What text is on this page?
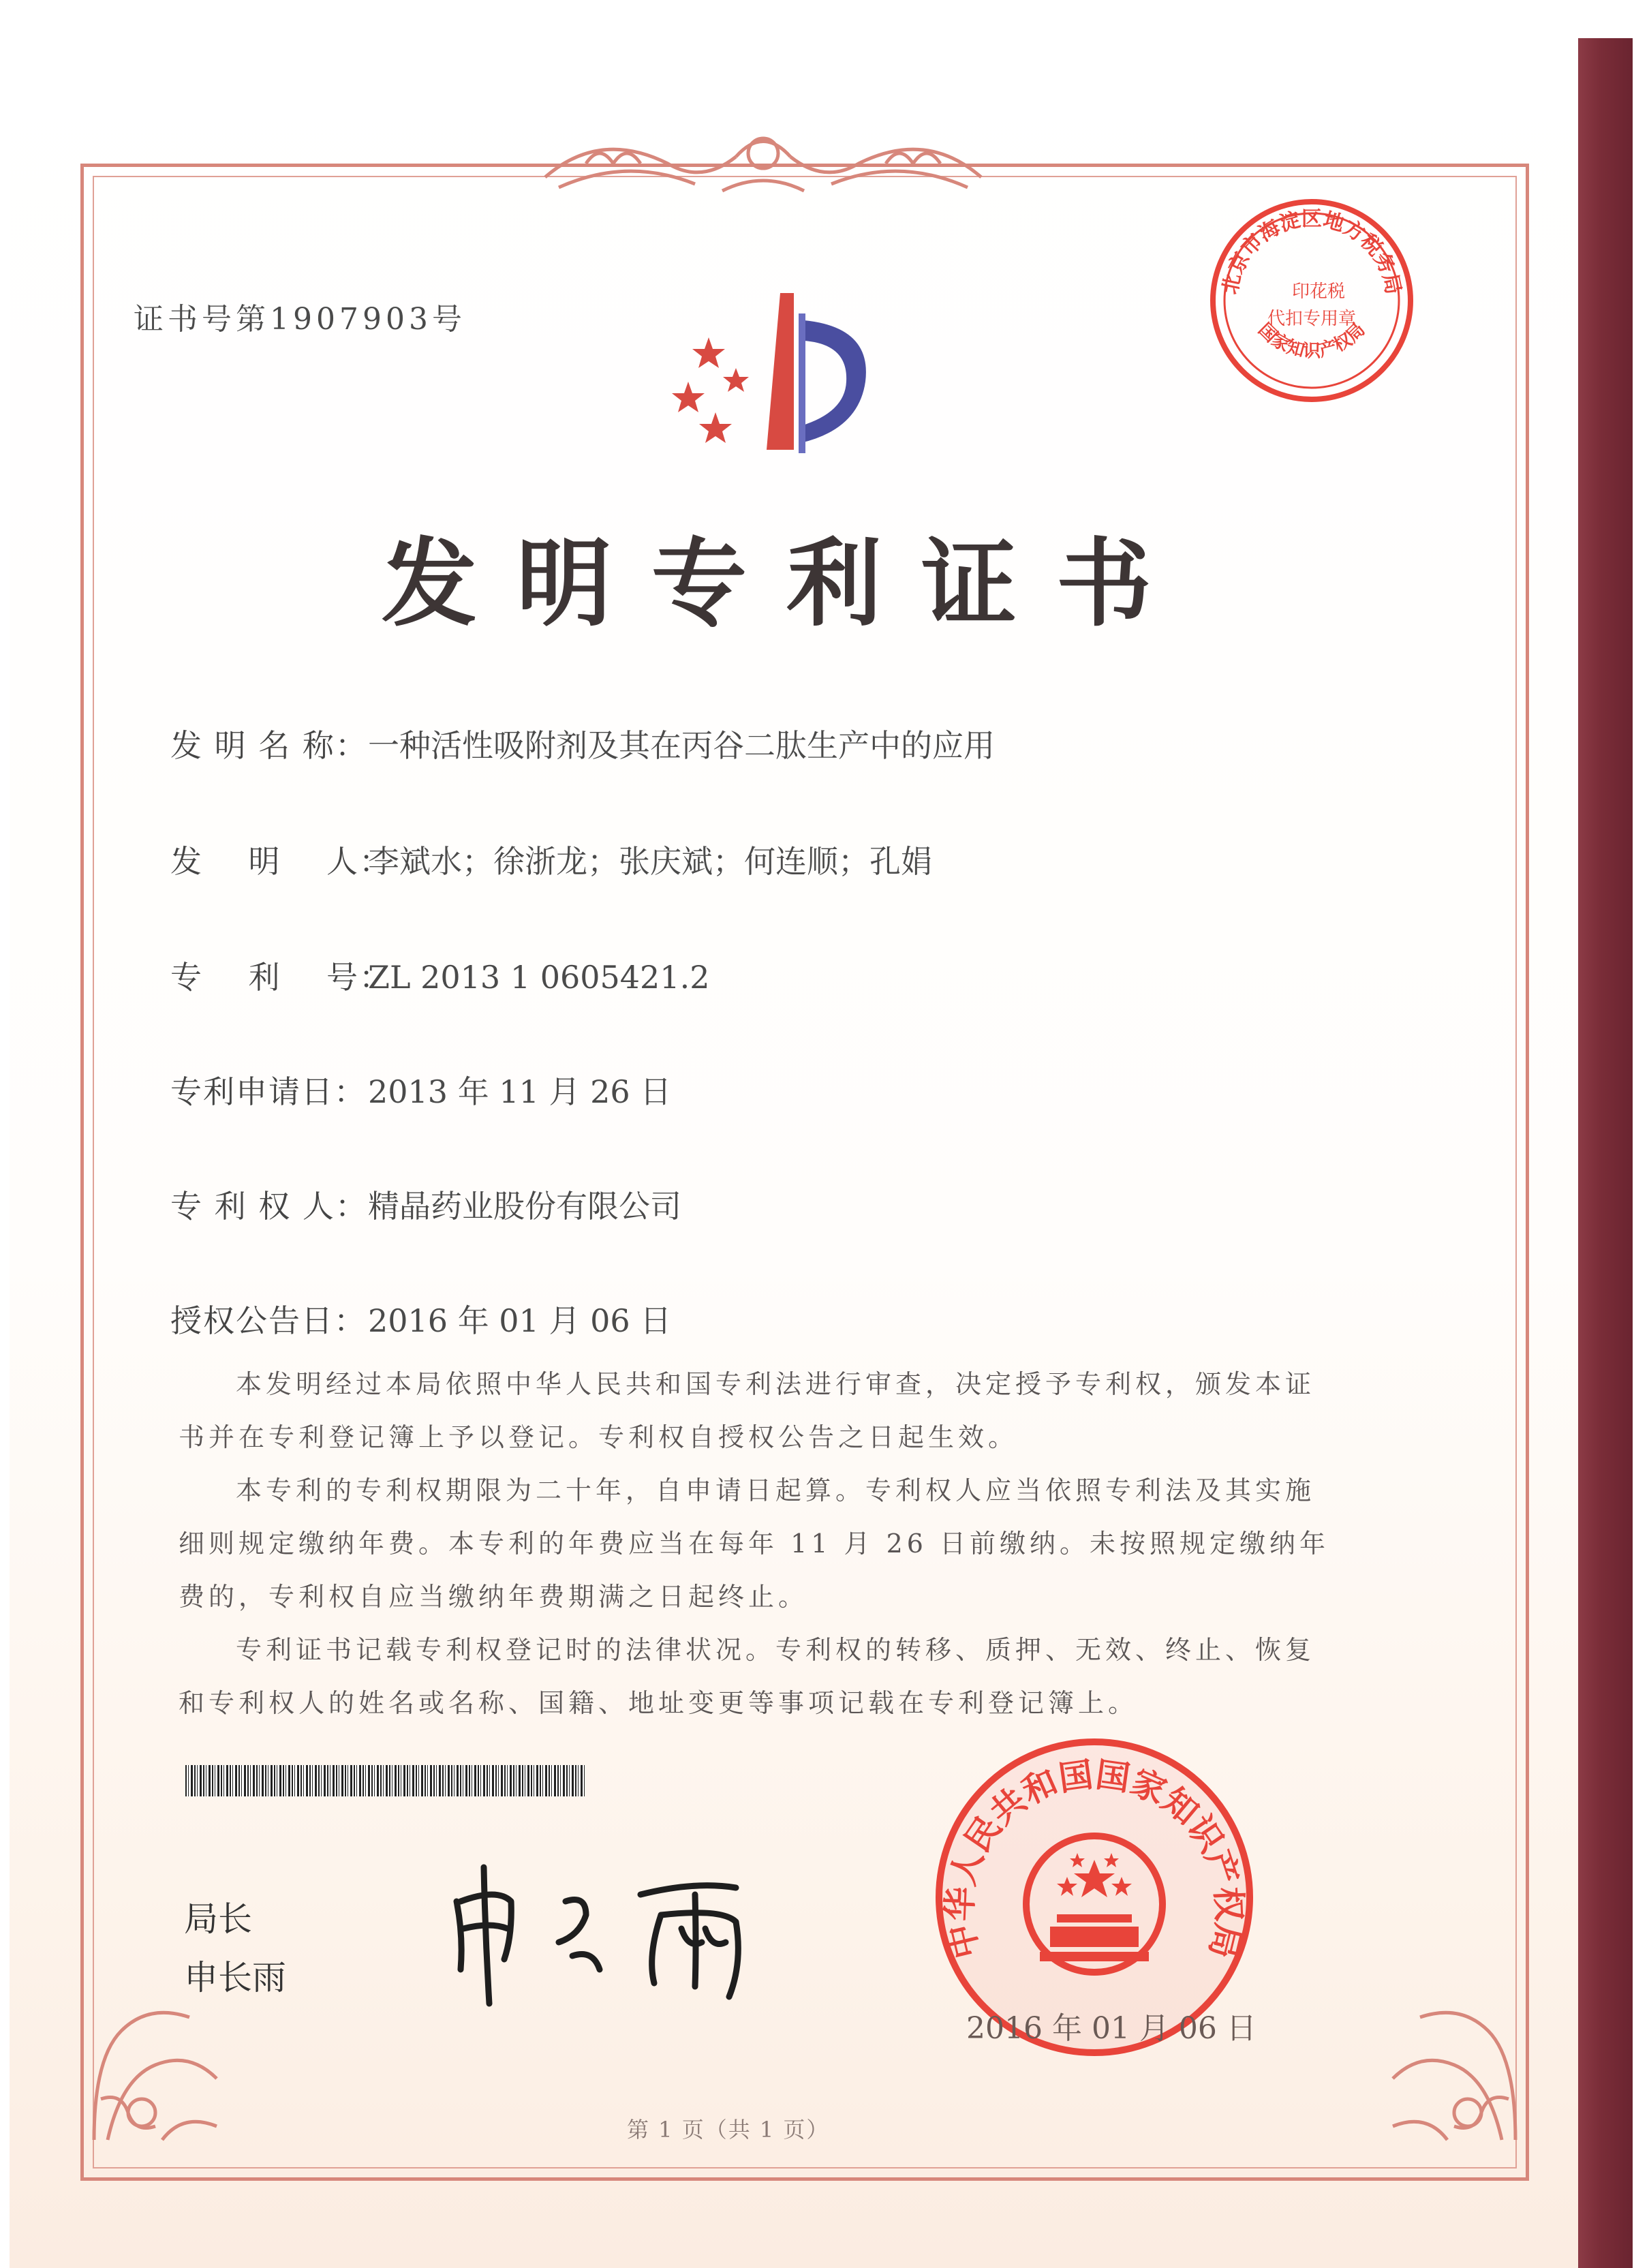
证书号第1907903号
北京市海淀区地方税务局
国家知识产权局
印花税
代扣专用章
发明专利证书
发 明 名 称：一种活性吸附剂及其在丙谷二肽生产中的应用
发    明    人：李斌水；徐浙龙；张庆斌；何连顺；孔娟
专    利    号：ZL 2013 1 0605421.2
专利申请日：2013 年 11 月 26 日
专 利 权 人：精晶药业股份有限公司
授权公告日：2016 年 01 月 06 日

本发明经过本局依照中华人民共和国专利法进行审查，决定授予专利权，颁发本证书并在专利登记簿上予以登记。专利权自授权公告之日起生效。

本专利的专利权期限为二十年，自申请日起算。专利权人应当依照专利法及其实施细则规定缴纳年费。本专利的年费应当在每年 11 月 26 日前缴纳。未按照规定缴纳年费的，专利权自应当缴纳年费期满之日起终止。

专利证书记载专利权登记时的法律状况。专利权的转移、质押、无效、终止、恢复和专利权人的姓名或名称、国籍、地址变更等事项记载在专利登记簿上。

局长
申长雨
中华人民共和国国家知识产权局
2016 年 01 月 06 日
第 1 页（共 1 页）
